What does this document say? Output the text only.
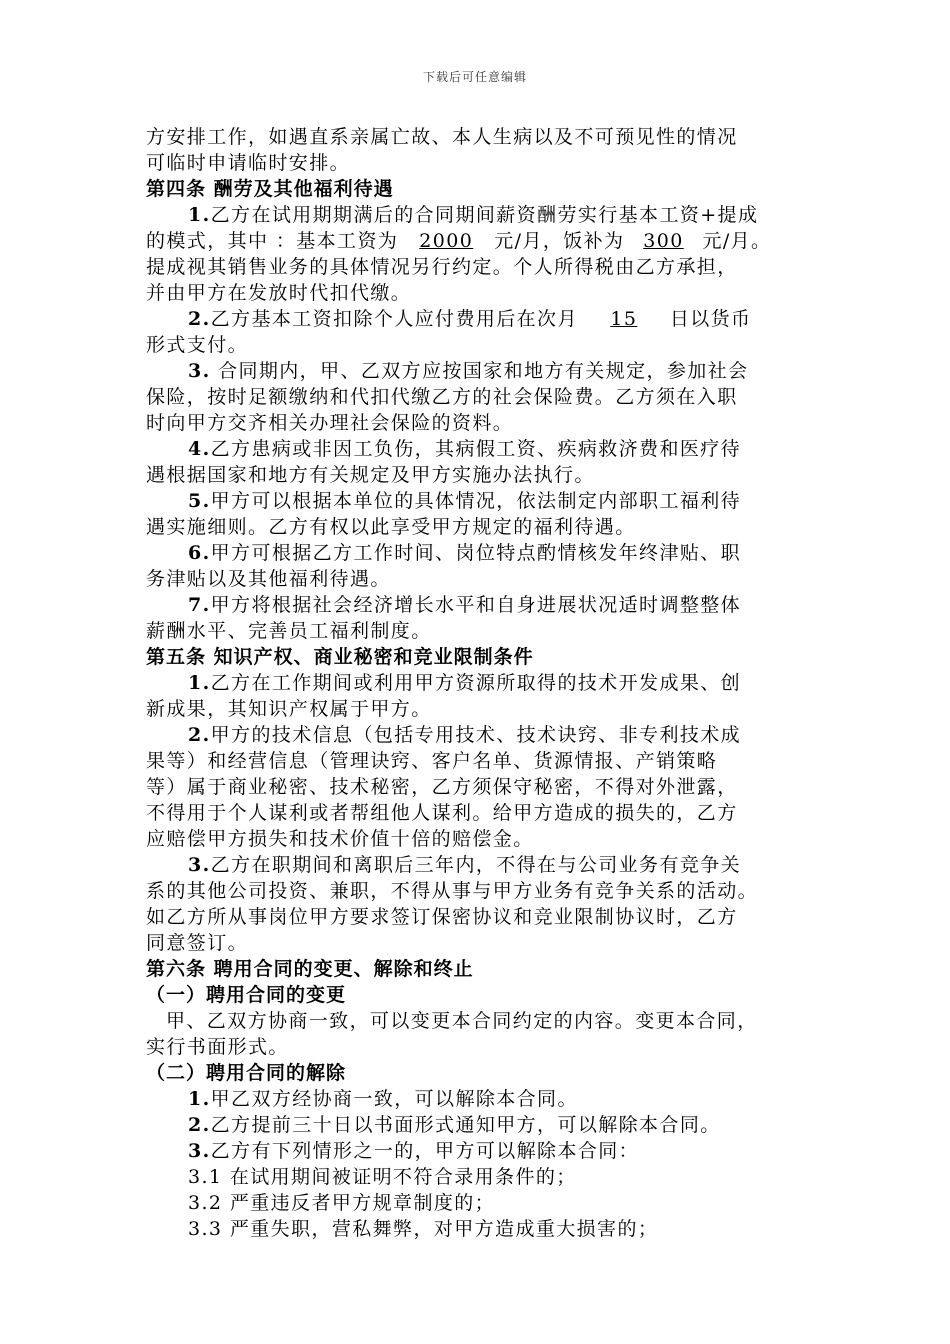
下载后可任意编辑
方安排工作，如遇直系亲属亡故、本人生病以及不可预见性的情况
可临时申请临时安排。
第四条 酬劳及其他福利待遇
1.乙方在试用期期满后的合同期间薪资酬劳实行基本工资+提成
的模式，其中 ：基本工资为 2000 元/月，饭补为 300 元/月。
提成视其销售业务的具体情况另行约定。个人所得税由乙方承担，
并由甲方在发放时代扣代缴。
2.乙方基本工资扣除个人应付费用后在次月 15 日以货币
形式支付。
3. 合同期内，甲、乙双方应按国家和地方有关规定，参加社会
保险，按时足额缴纳和代扣代缴乙方的社会保险费。乙方须在入职
时向甲方交齐相关办理社会保险的资料。
4.乙方患病或非因工负伤，其病假工资、疾病救济费和医疗待
遇根据国家和地方有关规定及甲方实施办法执行。
5.甲方可以根据本单位的具体情况，依法制定内部职工福利待
遇实施细则。乙方有权以此享受甲方规定的福利待遇。
6.甲方可根据乙方工作时间、岗位特点酌情核发年终津贴、职
务津贴以及其他福利待遇。
7.甲方将根据社会经济增长水平和自身进展状况适时调整整体
薪酬水平、完善员工福利制度。
第五条 知识产权、商业秘密和竞业限制条件
1.乙方在工作期间或利用甲方资源所取得的技术开发成果、创
新成果，其知识产权属于甲方。
2.甲方的技术信息（包括专用技术、技术诀窍、非专利技术成
果等）和经营信息（管理诀窍、客户名单、货源情报、产销策略
等）属于商业秘密、技术秘密，乙方须保守秘密，不得对外泄露，
不得用于个人谋利或者帮组他人谋利。给甲方造成的损失的，乙方
应赔偿甲方损失和技术价值十倍的赔偿金。
3.乙方在职期间和离职后三年内，不得在与公司业务有竞争关
系的其他公司投资、兼职，不得从事与甲方业务有竞争关系的活动。
如乙方所从事岗位甲方要求签订保密协议和竞业限制协议时，乙方
同意签订。
第六条 聘用合同的变更、解除和终止
（一）聘用合同的变更
甲、乙双方协商一致，可以变更本合同约定的内容。变更本合同，
实行书面形式。
（二）聘用合同的解除
1.甲乙双方经协商一致，可以解除本合同。
2.乙方提前三十日以书面形式通知甲方，可以解除本合同。
3.乙方有下列情形之一的，甲方可以解除本合同：
3.1 在试用期间被证明不符合录用条件的；
3.2 严重违反者甲方规章制度的；
3.3 严重失职，营私舞弊，对甲方造成重大损害的；
